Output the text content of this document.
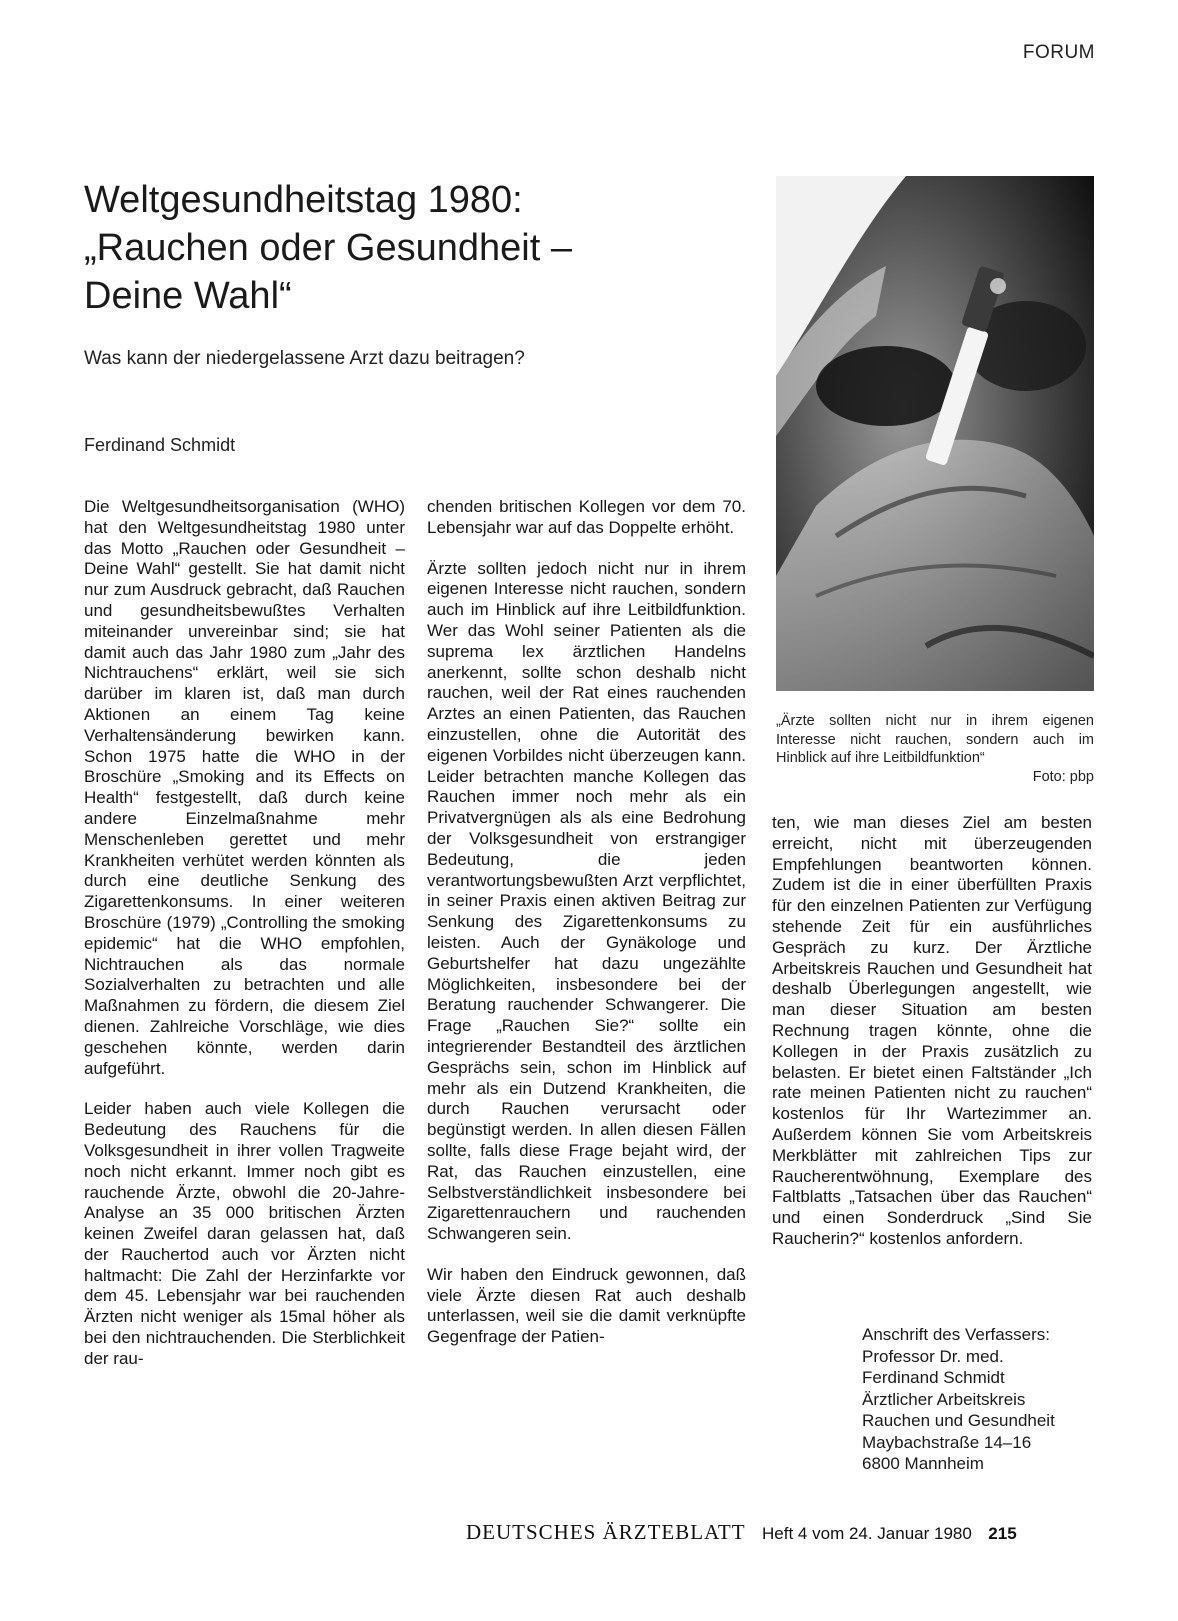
FORUM
Weltgesundheitstag 1980:
„Rauchen oder Gesundheit –
Deine Wahl“
Was kann der niedergelassene Arzt dazu beitragen?
Ferdinand Schmidt

Die Weltgesundheitsorganisation (WHO) hat den Weltgesundheitstag 1980 unter das Motto „Rauchen oder Gesundheit – Deine Wahl“ gestellt. Sie hat damit nicht nur zum Ausdruck gebracht, daß Rauchen und gesundheitsbewußtes Verhalten miteinander unvereinbar sind; sie hat damit auch das Jahr 1980 zum „Jahr des Nichtrauchens“ erklärt, weil sie sich darüber im klaren ist, daß man durch Aktionen an einem Tag keine Verhaltensänderung bewirken kann. Schon 1975 hatte die WHO in der Broschüre „Smoking and its Effects on Health“ festgestellt, daß durch keine andere Einzelmaßnahme mehr Menschenleben gerettet und mehr Krankheiten verhütet werden könnten als durch eine deutliche Senkung des Zigarettenkonsums. In einer weiteren Broschüre (1979) „Controlling the smoking epidemic“ hat die WHO empfohlen, Nichtrauchen als das normale Sozialverhalten zu betrachten und alle Maßnahmen zu fördern, die diesem Ziel dienen. Zahlreiche Vorschläge, wie dies geschehen könnte, werden darin aufgeführt.

Leider haben auch viele Kollegen die Bedeutung des Rauchens für die Volksgesundheit in ihrer vollen Tragweite noch nicht erkannt. Immer noch gibt es rauchende Ärzte, obwohl die 20-Jahre-Analyse an 35 000 britischen Ärzten keinen Zweifel daran gelassen hat, daß der Rauchertod auch vor Ärzten nicht haltmacht: Die Zahl der Herzinfarkte vor dem 45. Lebensjahr war bei rauchenden Ärzten nicht weniger als 15mal höher als bei den nichtrauchenden. Die Sterblichkeit der rau-

chenden britischen Kollegen vor dem 70. Lebensjahr war auf das Doppelte erhöht.

Ärzte sollten jedoch nicht nur in ihrem eigenen Interesse nicht rauchen, sondern auch im Hinblick auf ihre Leitbildfunktion. Wer das Wohl seiner Patienten als die suprema lex ärztlichen Handelns anerkennt, sollte schon deshalb nicht rauchen, weil der Rat eines rauchenden Arztes an einen Patienten, das Rauchen einzustellen, ohne die Autorität des eigenen Vorbildes nicht überzeugen kann. Leider betrachten manche Kollegen das Rauchen immer noch mehr als ein Privatvergnügen als als eine Bedrohung der Volksgesundheit von erstrangiger Bedeutung, die jeden verantwortungsbewußten Arzt verpflichtet, in seiner Praxis einen aktiven Beitrag zur Senkung des Zigarettenkonsums zu leisten. Auch der Gynäkologe und Geburtshelfer hat dazu ungezählte Möglichkeiten, insbesondere bei der Beratung rauchender Schwangerer. Die Frage „Rauchen Sie?“ sollte ein integrierender Bestandteil des ärztlichen Gesprächs sein, schon im Hinblick auf mehr als ein Dutzend Krankheiten, die durch Rauchen verursacht oder begünstigt werden. In allen diesen Fällen sollte, falls diese Frage bejaht wird, der Rat, das Rauchen einzustellen, eine Selbstverständlichkeit insbesondere bei Zigarettenrauchern und rauchenden Schwangeren sein.

Wir haben den Eindruck gewonnen, daß viele Ärzte diesen Rat auch deshalb unterlassen, weil sie die damit verknüpfte Gegenfrage der Patien-

„Ärzte sollten nicht nur in ihrem eigenen Interesse nicht rauchen, sondern auch im Hinblick auf ihre Leitbildfunktion“
Foto: pbp

ten, wie man dieses Ziel am besten erreicht, nicht mit überzeugenden Empfehlungen beantworten können. Zudem ist die in einer überfüllten Praxis für den einzelnen Patienten zur Verfügung stehende Zeit für ein ausführliches Gespräch zu kurz. Der Ärztliche Arbeitskreis Rauchen und Gesundheit hat deshalb Überlegungen angestellt, wie man dieser Situation am besten Rechnung tragen könnte, ohne die Kollegen in der Praxis zusätzlich zu belasten. Er bietet einen Faltständer „Ich rate meinen Patienten nicht zu rauchen“ kostenlos für Ihr Wartezimmer an. Außerdem können Sie vom Arbeitskreis Merkblätter mit zahlreichen Tips zur Raucherentwöhnung, Exemplare des Faltblatts „Tatsachen über das Rauchen“ und einen Sonderdruck „Sind Sie Raucherin?“ kostenlos anfordern.

Anschrift des Verfassers:
Professor Dr. med.
Ferdinand Schmidt
Ärztlicher Arbeitskreis
Rauchen und Gesundheit
Maybachstraße 14–16
6800 Mannheim
DEUTSCHES ÄRZTEBLATT Heft 4 vom 24. Januar 1980 215
